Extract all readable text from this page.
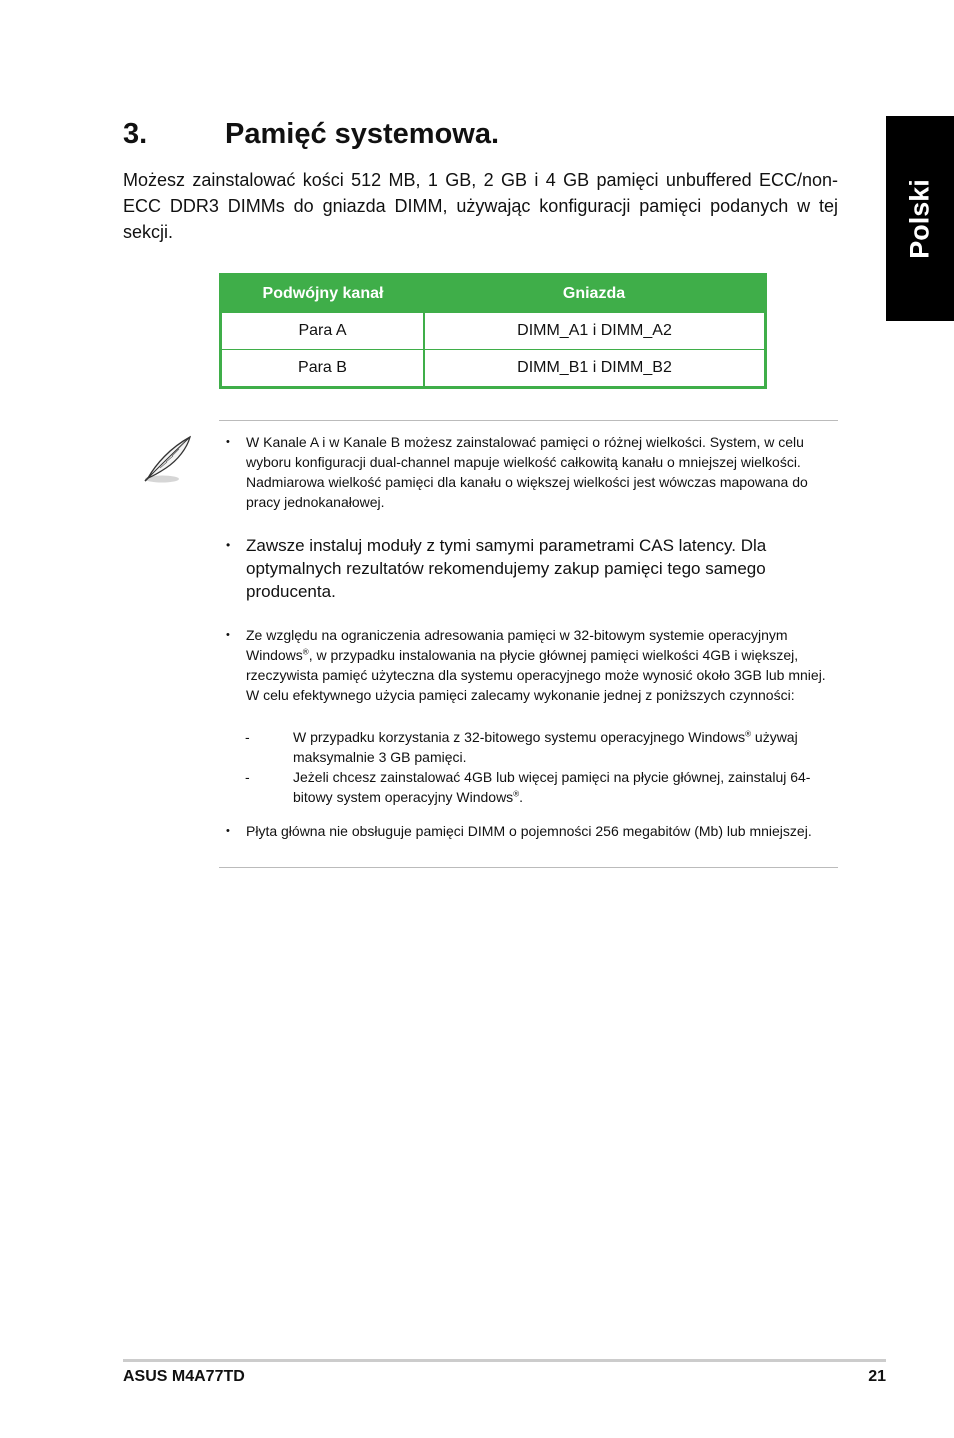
Polski
3.	Pamięć systemowa.
Możesz zainstalować kości 512 MB, 1 GB, 2 GB i 4 GB pamięci unbuffered ECC/non-ECC DDR3 DIMMs do gniazda DIMM, używając konfiguracji pamięci podanych w tej sekcji.
Podwójny kanał	Gniazda
Para A	DIMM_A1 i DIMM_A2
Para B	DIMM_B1 i DIMM_B2
• W Kanale A i w Kanale B możesz zainstalować pamięci o różnej wielkości. System, w celu wyboru konfiguracji dual-channel mapuje wielkość całkowitą kanału o mniejszej wielkości. Nadmiarowa wielkość pamięci dla kanału o większej wielkości jest wówczas mapowana do pracy jednokanałowej.
• Zawsze instaluj moduły z tymi samymi parametrami CAS latency. Dla optymalnych rezultatów rekomendujemy zakup pamięci tego samego producenta.
• Ze względu na ograniczenia adresowania pamięci w 32-bitowym systemie operacyjnym Windows®, w przypadku instalowania na płycie głównej pamięci wielkości 4GB i większej, rzeczywista pamięć użyteczna dla systemu operacyjnego może wynosić około 3GB lub mniej. W celu efektywnego użycia pamięci zalecamy wykonanie jednej z poniższych czynności:
-	W przypadku korzystania z 32-bitowego systemu operacyjnego Windows® używaj maksymalnie 3 GB pamięci.
-	Jeżeli chcesz zainstalować 4GB lub więcej pamięci na płycie głównej, zainstaluj 64-bitowy system operacyjny Windows®.
• Płyta główna nie obsługuje pamięci DIMM o pojemności 256 megabitów (Mb) lub mniejszej.
ASUS M4A77TD	21
